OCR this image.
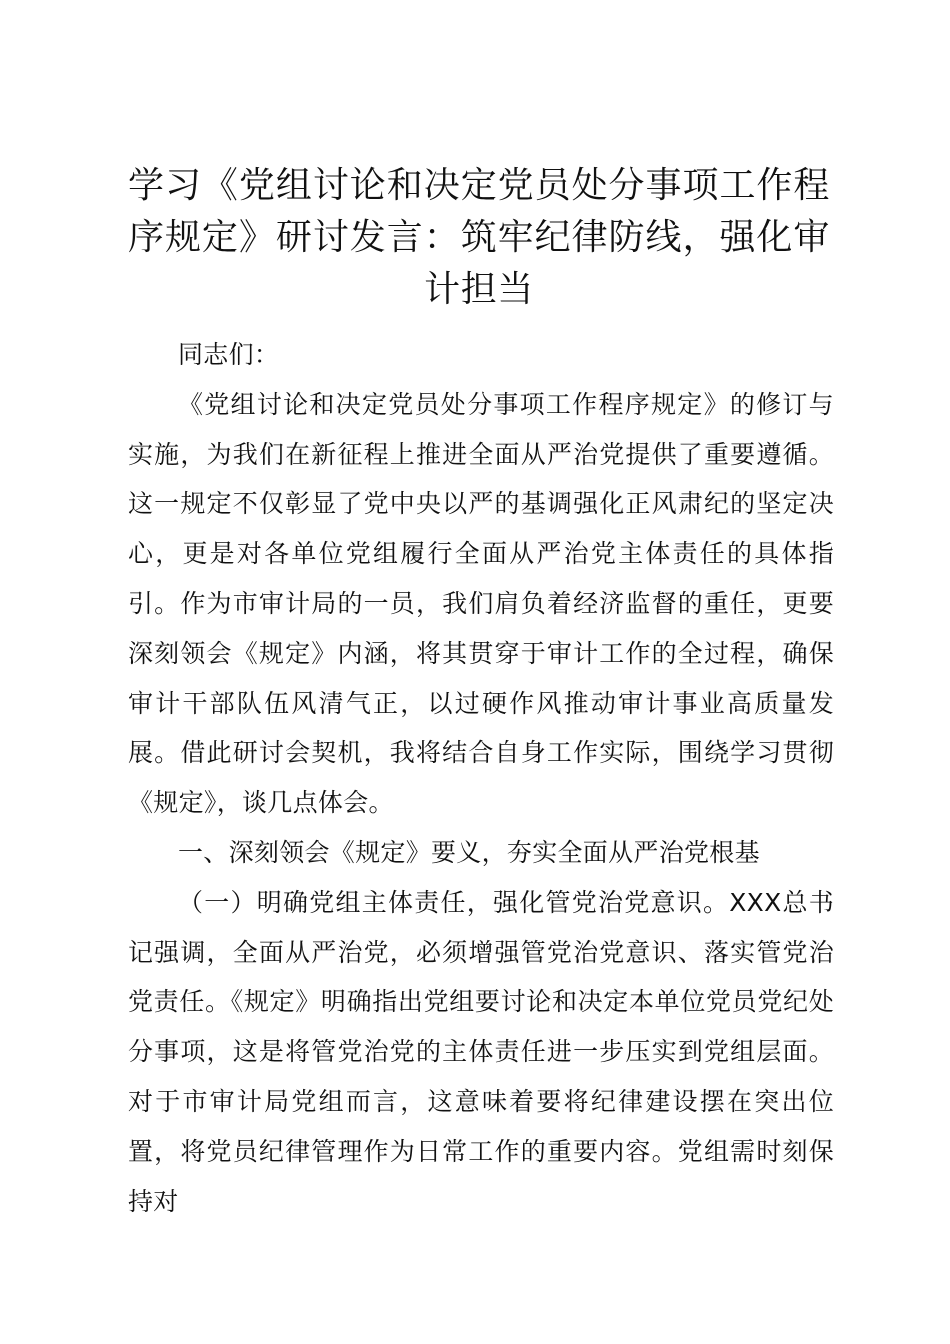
学习《党组讨论和决定党员处分事项工作程序规定》研讨发言：筑牢纪律防线，强化审计担当

同志们：

《党组讨论和决定党员处分事项工作程序规定》的修订与实施，为我们在新征程上推进全面从严治党提供了重要遵循。这一规定不仅彰显了党中央以严的基调强化正风肃纪的坚定决心，更是对各单位党组履行全面从严治党主体责任的具体指引。作为市审计局的一员，我们肩负着经济监督的重任，更要深刻领会《规定》内涵，将其贯穿于审计工作的全过程，确保审计干部队伍风清气正，以过硬作风推动审计事业高质量发展。借此研讨会契机，我将结合自身工作实际，围绕学习贯彻《规定》，谈几点体会。

一、深刻领会《规定》要义，夯实全面从严治党根基

（一）明确党组主体责任，强化管党治党意识。XXX总书记强调，全面从严治党，必须增强管党治党意识、落实管党治党责任。《规定》明确指出党组要讨论和决定本单位党员党纪处分事项，这是将管党治党的主体责任进一步压实到党组层面。对于市审计局党组而言，这意味着要将纪律建设摆在突出位置，将党员纪律管理作为日常工作的重要内容。党组需时刻保持对
